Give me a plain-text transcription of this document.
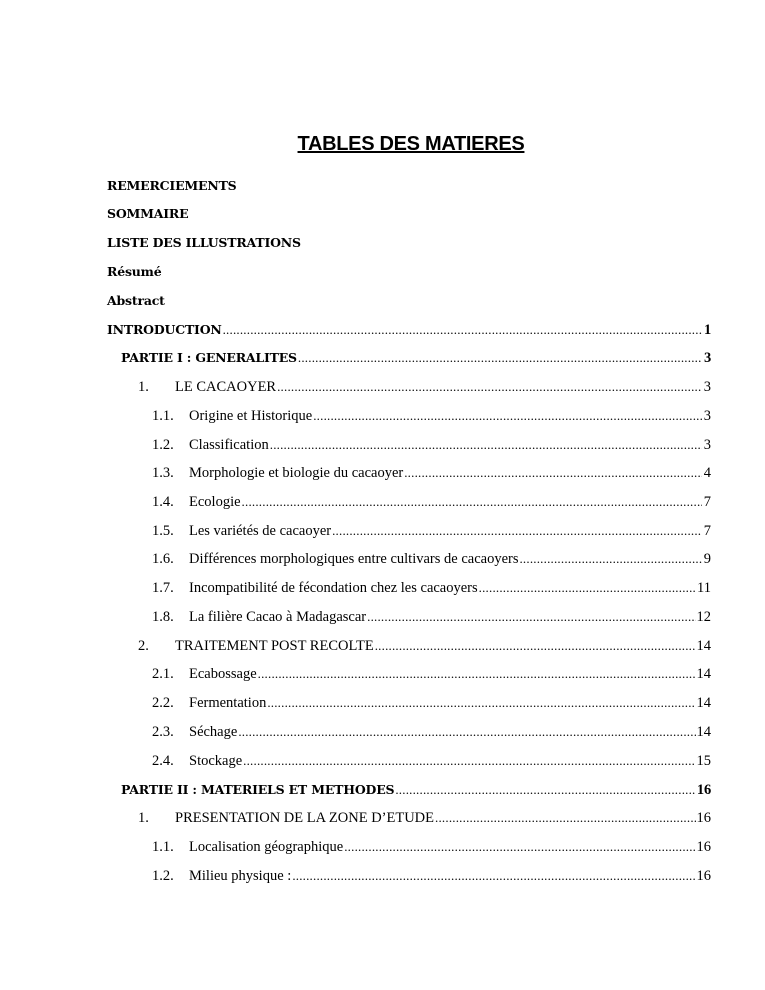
TABLES DES MATIERES
REMERCIEMENTS
SOMMAIRE
LISTE DES ILLUSTRATIONS
Résumé
Abstract
INTRODUCTION .....	1
PARTIE I : GENERALITES .....	3
1.	LE CACAOYER .....	3
1.1.	Origine et Historique .....	3
1.2.	Classification .....	3
1.3.	Morphologie et biologie du cacaoyer .....	4
1.4.	Ecologie .....	7
1.5.	Les variétés de cacaoyer .....	7
1.6.	Différences morphologiques entre cultivars de cacaoyers .....	9
1.7.	Incompatibilité de fécondation chez les cacaoyers .....	11
1.8.	La filière Cacao à Madagascar .....	12
2.	TRAITEMENT POST RECOLTE .....	14
2.1.	Ecabossage .....	14
2.2.	Fermentation .....	14
2.3.	Séchage .....	14
2.4.	Stockage .....	15
PARTIE II : MATERIELS ET METHODES .....	16
1.	PRESENTATION DE LA ZONE D’ETUDE .....	16
1.1.	Localisation géographique .....	16
1.2.	Milieu physique : .....	16
